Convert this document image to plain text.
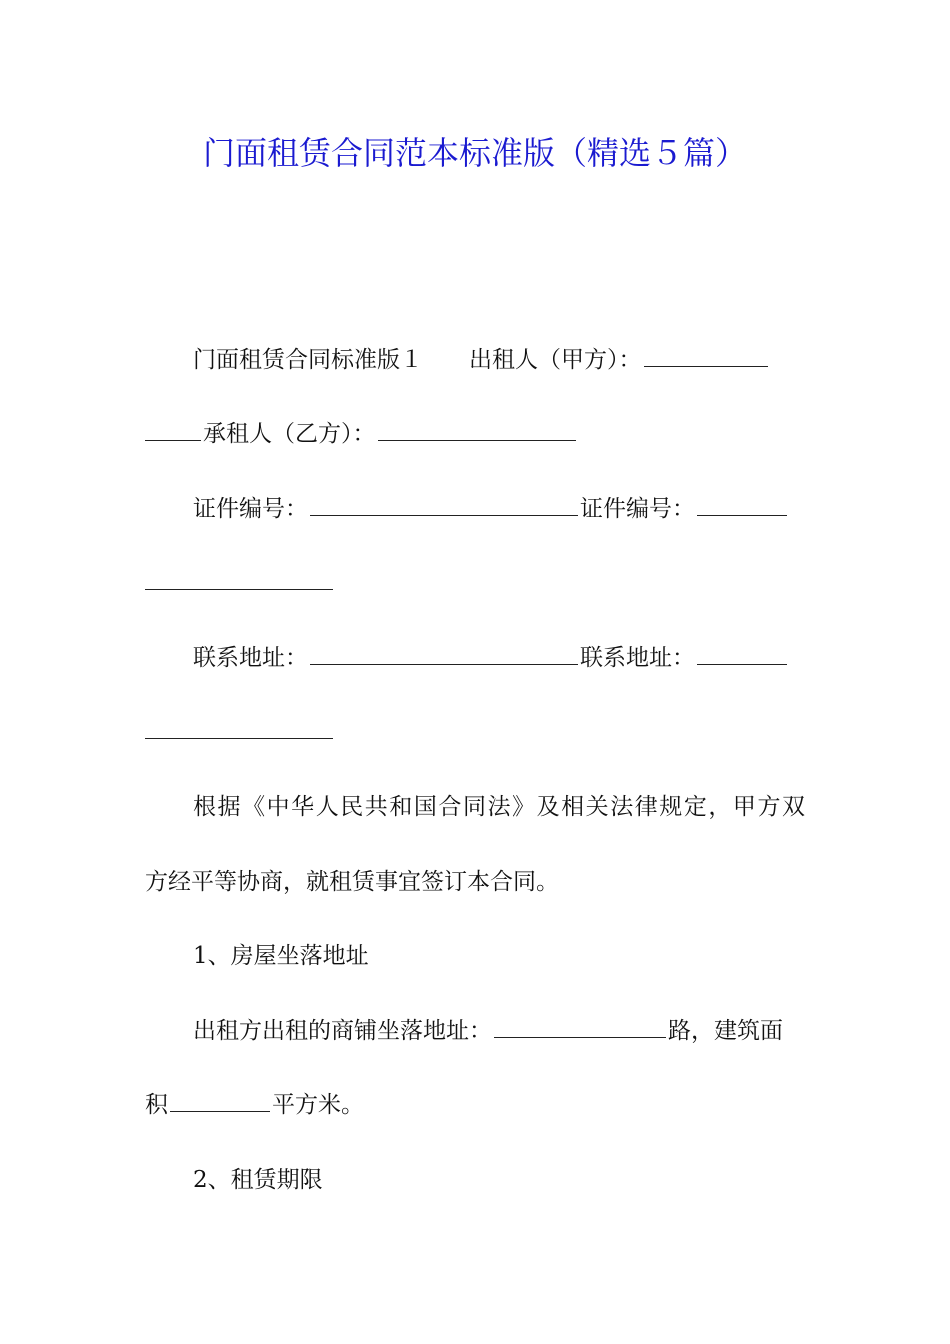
门面租赁合同范本标准版（精选５篇）
门面租赁合同标准版１　　出租人（甲方）：
承租人（乙方）：
证件编号：	证件编号：
联系地址：	联系地址：
根据《中华人民共和国合同法》及相关法律规定，甲方双
方经平等协商，就租赁事宜签订本合同。
1、房屋坐落地址
出租方出租的商铺坐落地址：	路，建筑面
积	平方米。
2、租赁期限
